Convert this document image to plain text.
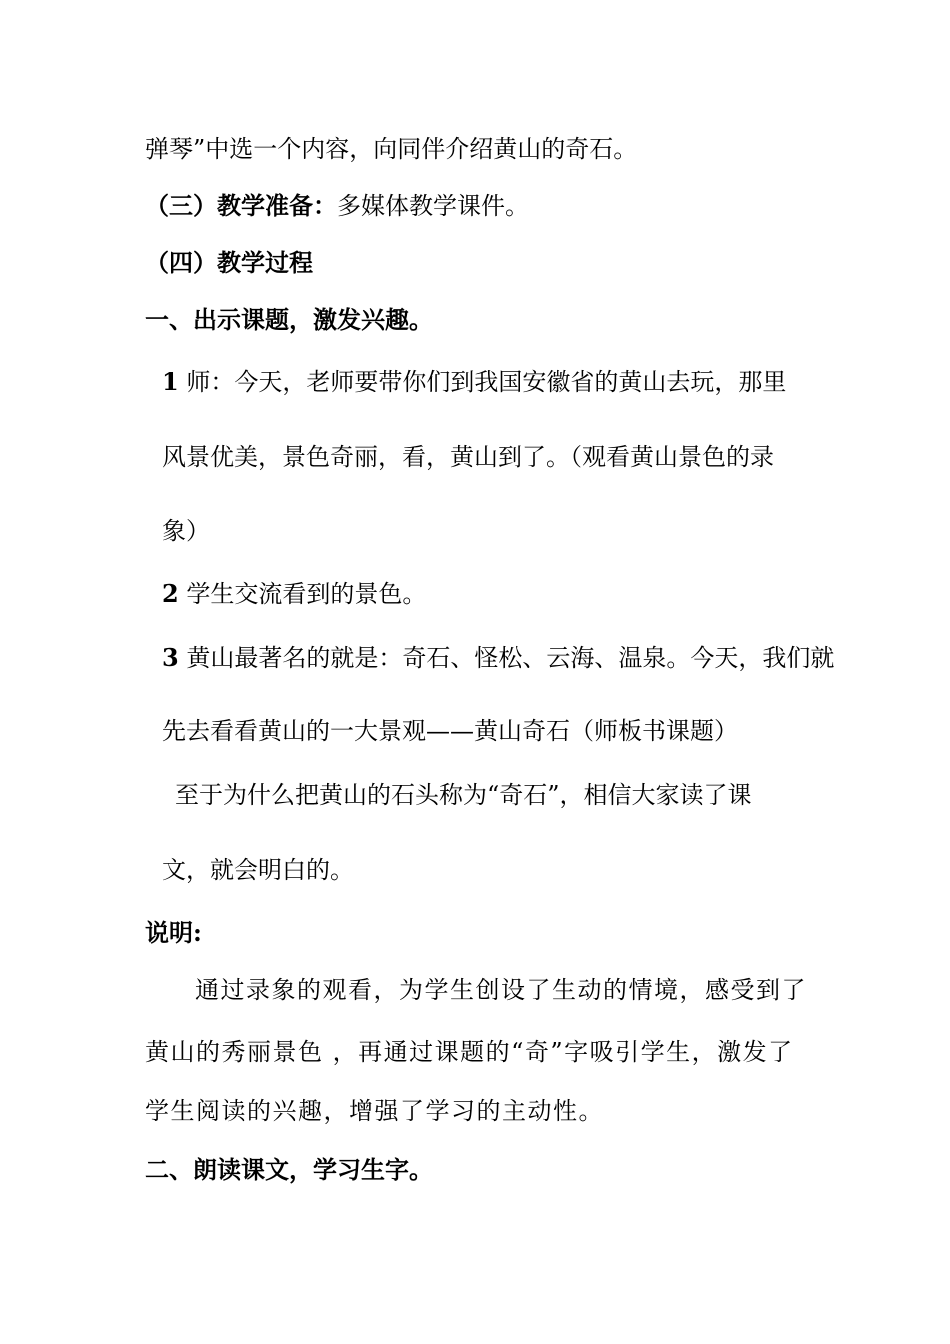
弹琴”中选一个内容，向同伴介绍黄山的奇石。
（三）教学准备：多媒体教学课件。
（四）教学过程
一、出示课题，激发兴趣。
1 师：今天，老师要带你们到我国安徽省的黄山去玩，那里
风景优美，景色奇丽，看，黄山到了。（观看黄山景色的录
象）
2 学生交流看到的景色。
3 黄山最著名的就是：奇石、怪松、云海、温泉。今天，我们就
先去看看黄山的一大景观——黄山奇石（师板书课题）
至于为什么把黄山的石头称为“奇石”，相信大家读了课
文，就会明白的。
说明:
通过录象的观看，为学生创设了生动的情境，感受到了
黄山的秀丽景色 ，再通过课题的“奇”字吸引学生，激发了
学生阅读的兴趣，增强了学习的主动性。
二、朗读课文，学习生字。
